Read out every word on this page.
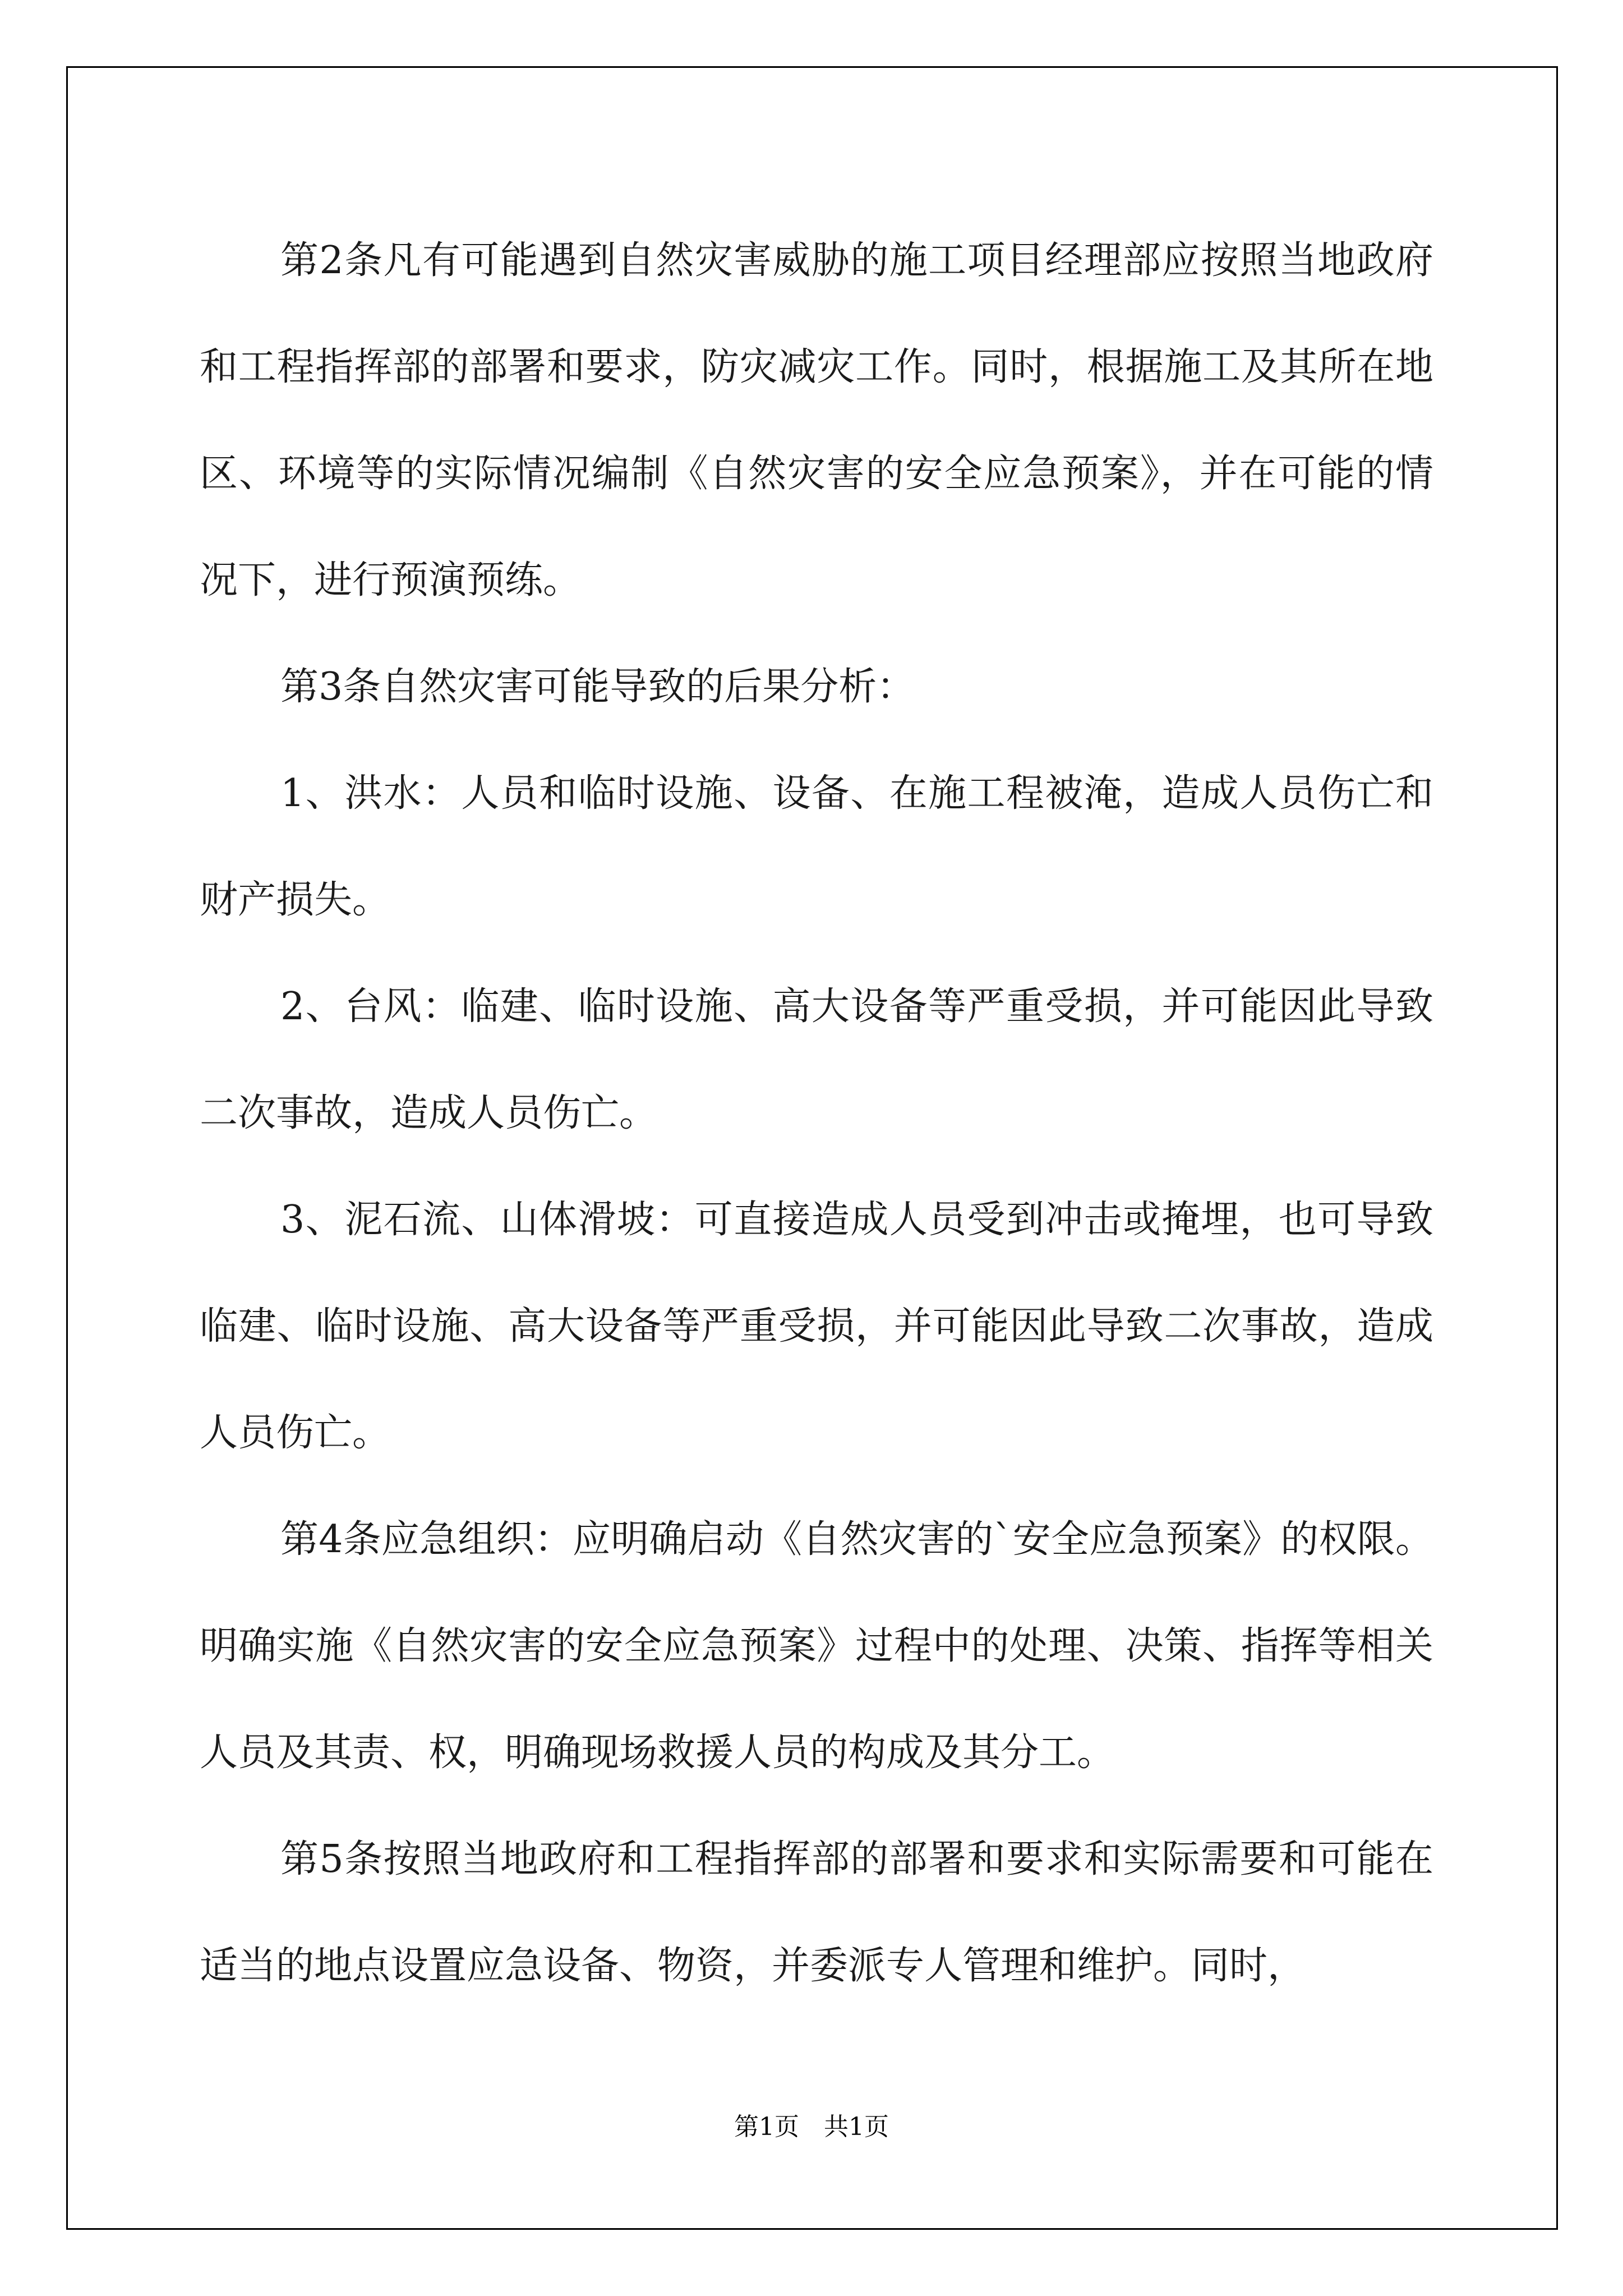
第2条凡有可能遇到自然灾害威胁的施工项目经理部应按照当地政府和工程指挥部的部署和要求，防灾减灾工作。同时，根据施工及其所在地区、环境等的实际情况编制《自然灾害的安全应急预案》，并在可能的情况下，进行预演预练。

第3条自然灾害可能导致的后果分析：

1、洪水：人员和临时设施、设备、在施工程被淹，造成人员伤亡和财产损失。

2、台风：临建、临时设施、高大设备等严重受损，并可能因此导致二次事故，造成人员伤亡。

3、泥石流、山体滑坡：可直接造成人员受到冲击或掩埋，也可导致临建、临时设施、高大设备等严重受损，并可能因此导致二次事故，造成人员伤亡。

第4条应急组织：应明确启动《自然灾害的`安全应急预案》的权限。明确实施《自然灾害的安全应急预案》过程中的处理、决策、指挥等相关人员及其责、权，明确现场救援人员的构成及其分工。

第5条按照当地政府和工程指挥部的部署和要求和实际需要和可能在适当的地点设置应急设备、物资，并委派专人管理和维护。同时，

第1页　共1页
